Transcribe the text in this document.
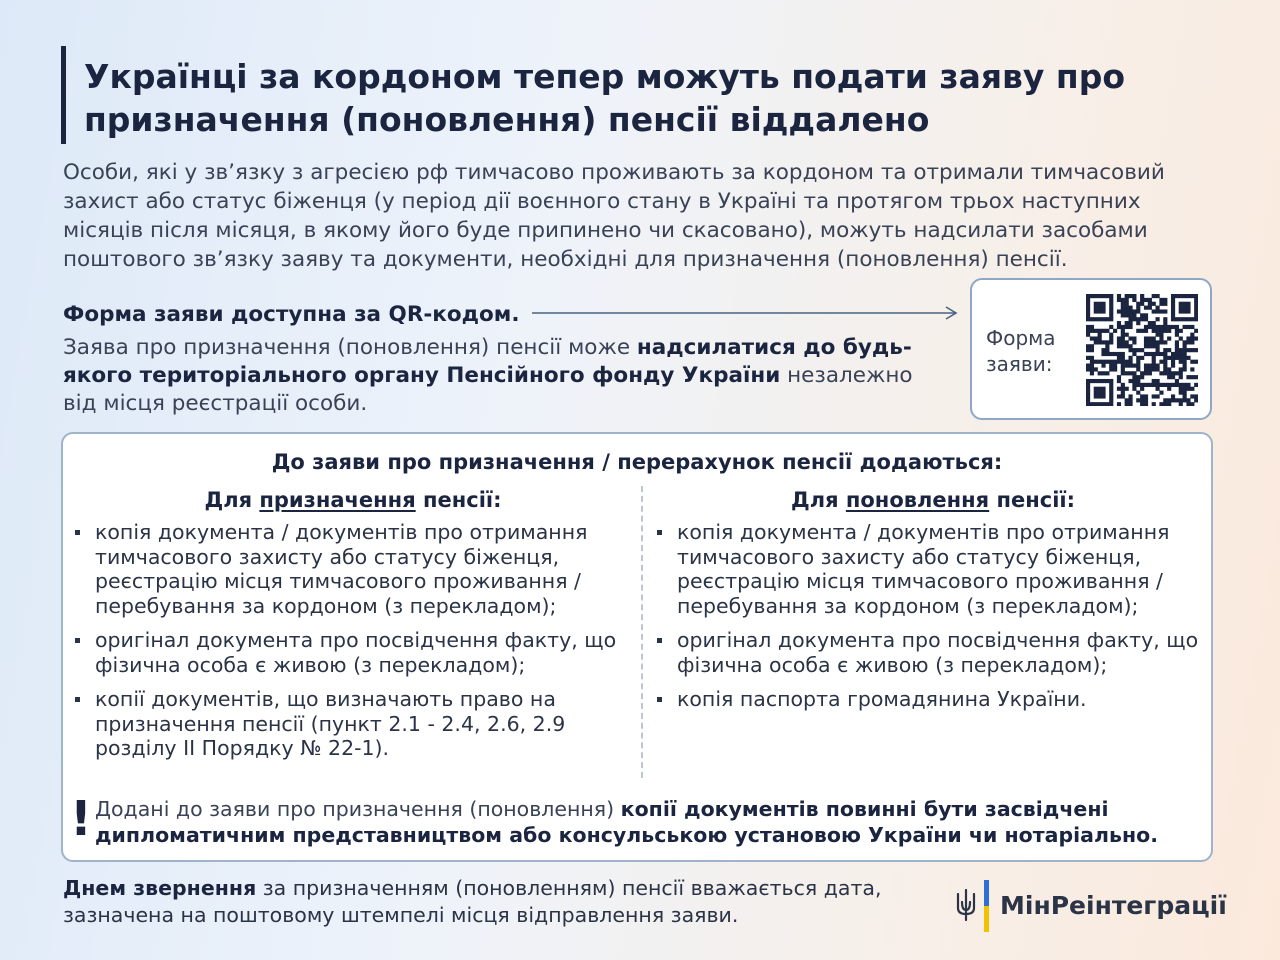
Українці за кордоном тепер можуть подати заяву про призначення (поновлення) пенсії віддалено

Особи, які у зв’язку з агресією рф тимчасово проживають за кордоном та отримали тимчасовий захист або статус біженця (у період дії воєнного стану в Україні та протягом трьох наступних місяців після місяця, в якому його буде припинено чи скасовано), можуть надсилати засобами поштового зв’язку заяву та документи, необхідні для призначення (поновлення) пенсії.

Форма заяви доступна за QR-кодом.

Заява про призначення (поновлення) пенсії може надсилатися до будь-якого територіального органу Пенсійного фонду України незалежно від місця реєстрації особи.

Форма заяви:

До заяви про призначення / перерахунок пенсії додаються:

Для призначення пенсії:	Для поновлення пенсії:

копія документа / документів про отримання тимчасового захисту або статусу біженця, реєстрацію місця тимчасового проживання / перебування за кордоном (з перекладом);
оригінал документа про посвідчення факту, що фізична особа є живою (з перекладом);
копії документів, що визначають право на призначення пенсії (пункт 2.1 - 2.4, 2.6, 2.9 розділу ІІ Порядку № 22-1).
копія документа / документів про отримання тимчасового захисту або статусу біженця, реєстрацію місця тимчасового проживання / перебування за кордоном (з перекладом);
оригінал документа про посвідчення факту, що фізична особа є живою (з перекладом);
копія паспорта громадянина України.
! Додані до заяви про призначення (поновлення) копії документів повинні бути засвідчені дипломатичним представництвом або консульською установою України чи нотаріально.

Днем звернення за призначенням (поновленням) пенсії вважається дата, зазначена на поштовому штемпелі місця відправлення заяви.	МінРеінтеграції
